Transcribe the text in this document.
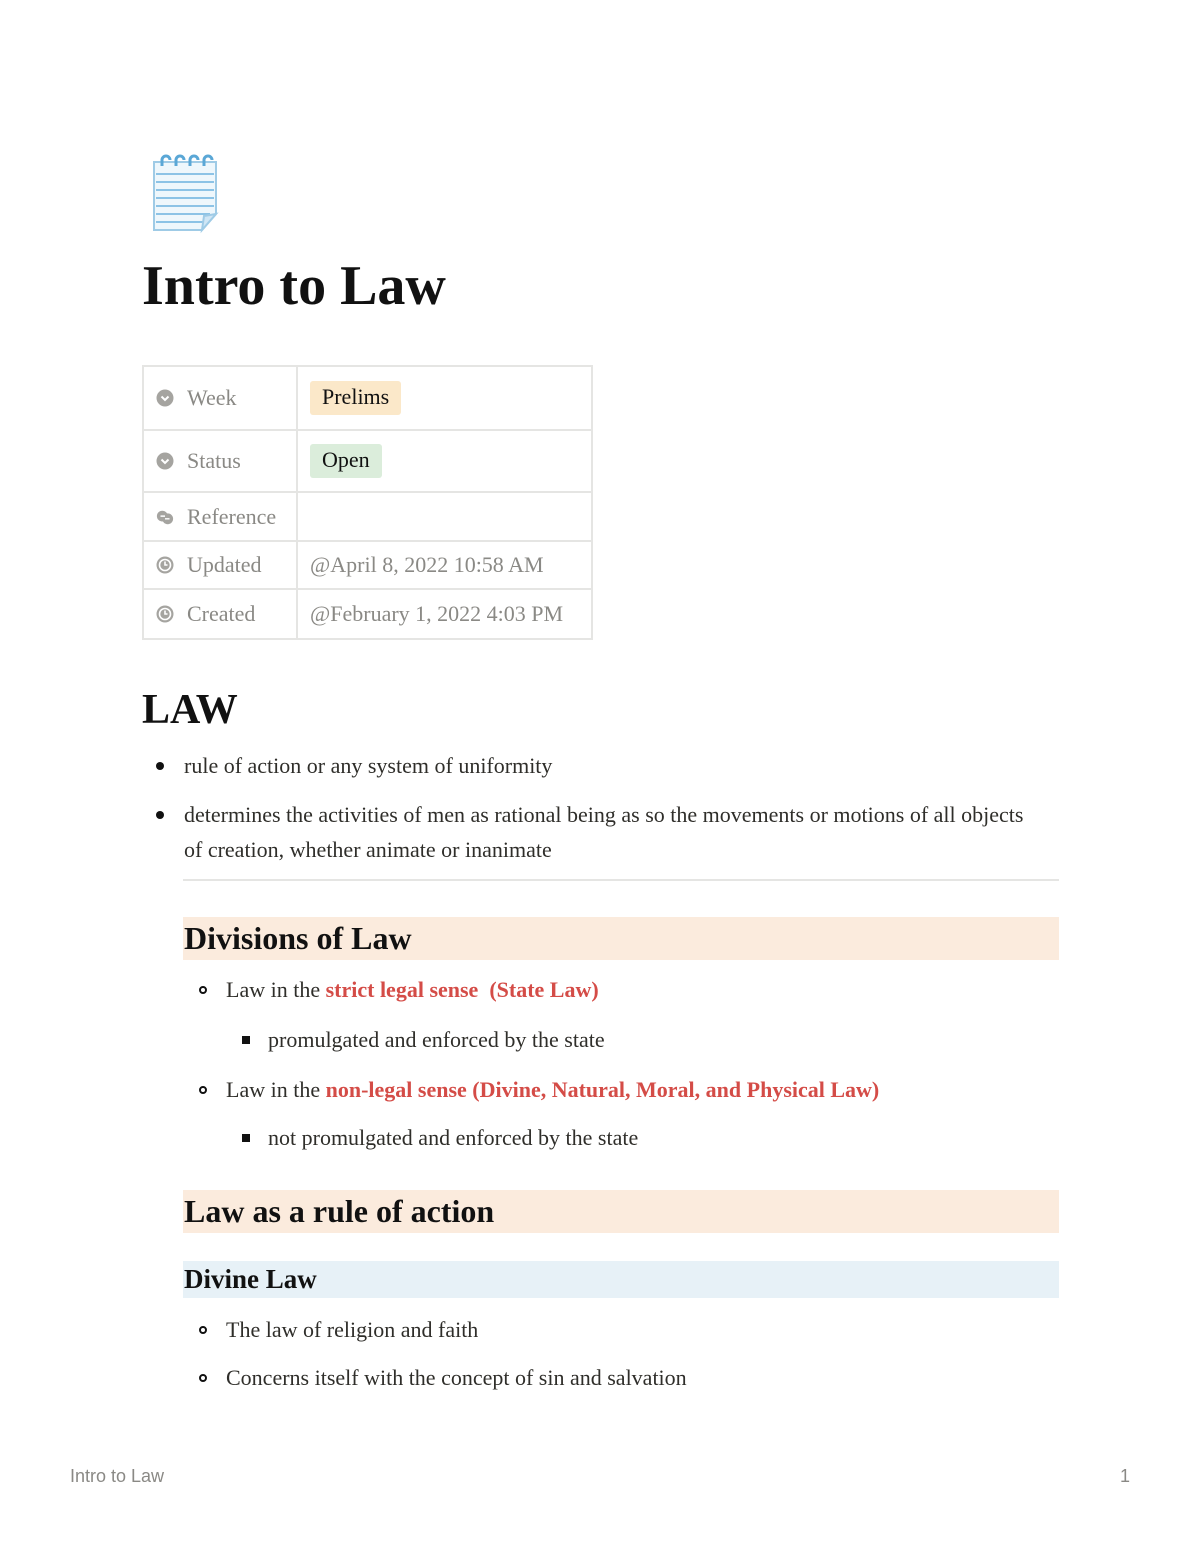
Intro to Law
Week	Prelims

Status	Open

Reference	

Updated	@April 8, 2022 10:58 AM

Created	@February 1, 2022 4:03 PM
LAW
rule of action or any system of uniformity
determines the activities of men as rational being as so the movements or motions of all objects of creation, whether animate or inanimate
Divisions of Law
Law in the strict legal sense  (State Law)
promulgated and enforced by the state
Law in the non-legal sense (Divine, Natural, Moral, and Physical Law)
not promulgated and enforced by the state
Law as a rule of action
Divine Law
The law of religion and faith
Concerns itself with the concept of sin and salvation
Intro to Law	1
